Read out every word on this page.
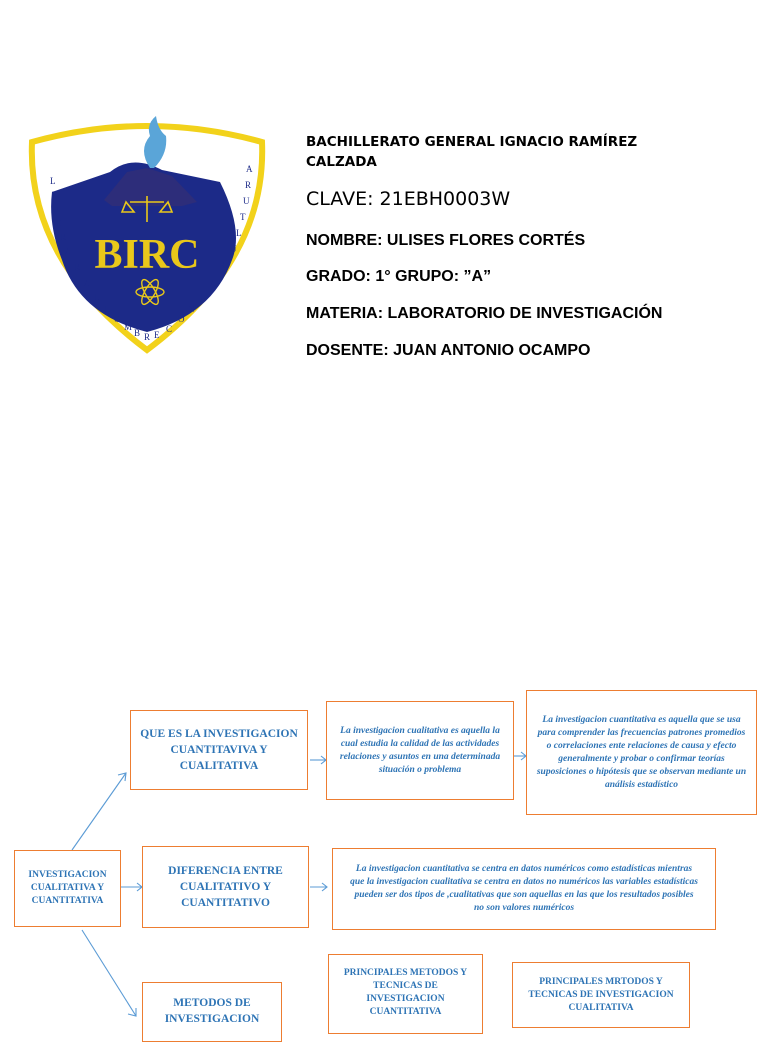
BIRC
L
I
B
E
R
A
R
A
L
H
O
M
B R E
C
O
N
L
A
C
U
L
T
U
R
A

BACHILLERATO GENERAL IGNACIO RAMÍREZ CALZADA

CLAVE: 21EBH0003W

NOMBRE: ULISES FLORES CORTÉS

GRADO: 1° GRUPO: ”A”

MATERIA: LABORATORIO DE INVESTIGACIÓN

DOSENTE: JUAN ANTONIO OCAMPO

INVESTIGACION CUALITATIVA Y CUANTITATIVA
QUE ES LA INVESTIGACION CUANTITAVIVA Y CUALITATIVA
La investigacion cualitativa es aquella la cual estudia la calidad de las actividades relaciones y asuntos en una determinada situación o problema
La investigacion cuantitativa es aquella que se usa para comprender las frecuencias patrones promedios o correlaciones ente relaciones de causa y efecto generalmente y probar o confirmar teorías suposiciones o hipótesis que se observan mediante un análisis estadístico
DIFERENCIA ENTRE CUALITATIVO Y CUANTITATIVO
La investigacion cuantitativa se centra en datos numéricos como estadísticas mientras que la investigacion cualitativa se centra en datos no numéricos las variables estadísticas pueden ser dos tipos de ,cualitativas que son aquellas en las que los resultados posibles no son valores numéricos
METODOS DE INVESTIGACION
PRINCIPALES METODOS Y TECNICAS DE INVESTIGACION CUANTITATIVA
PRINCIPALES MRTODOS Y TECNICAS DE INVESTIGACION CUALITATIVA
